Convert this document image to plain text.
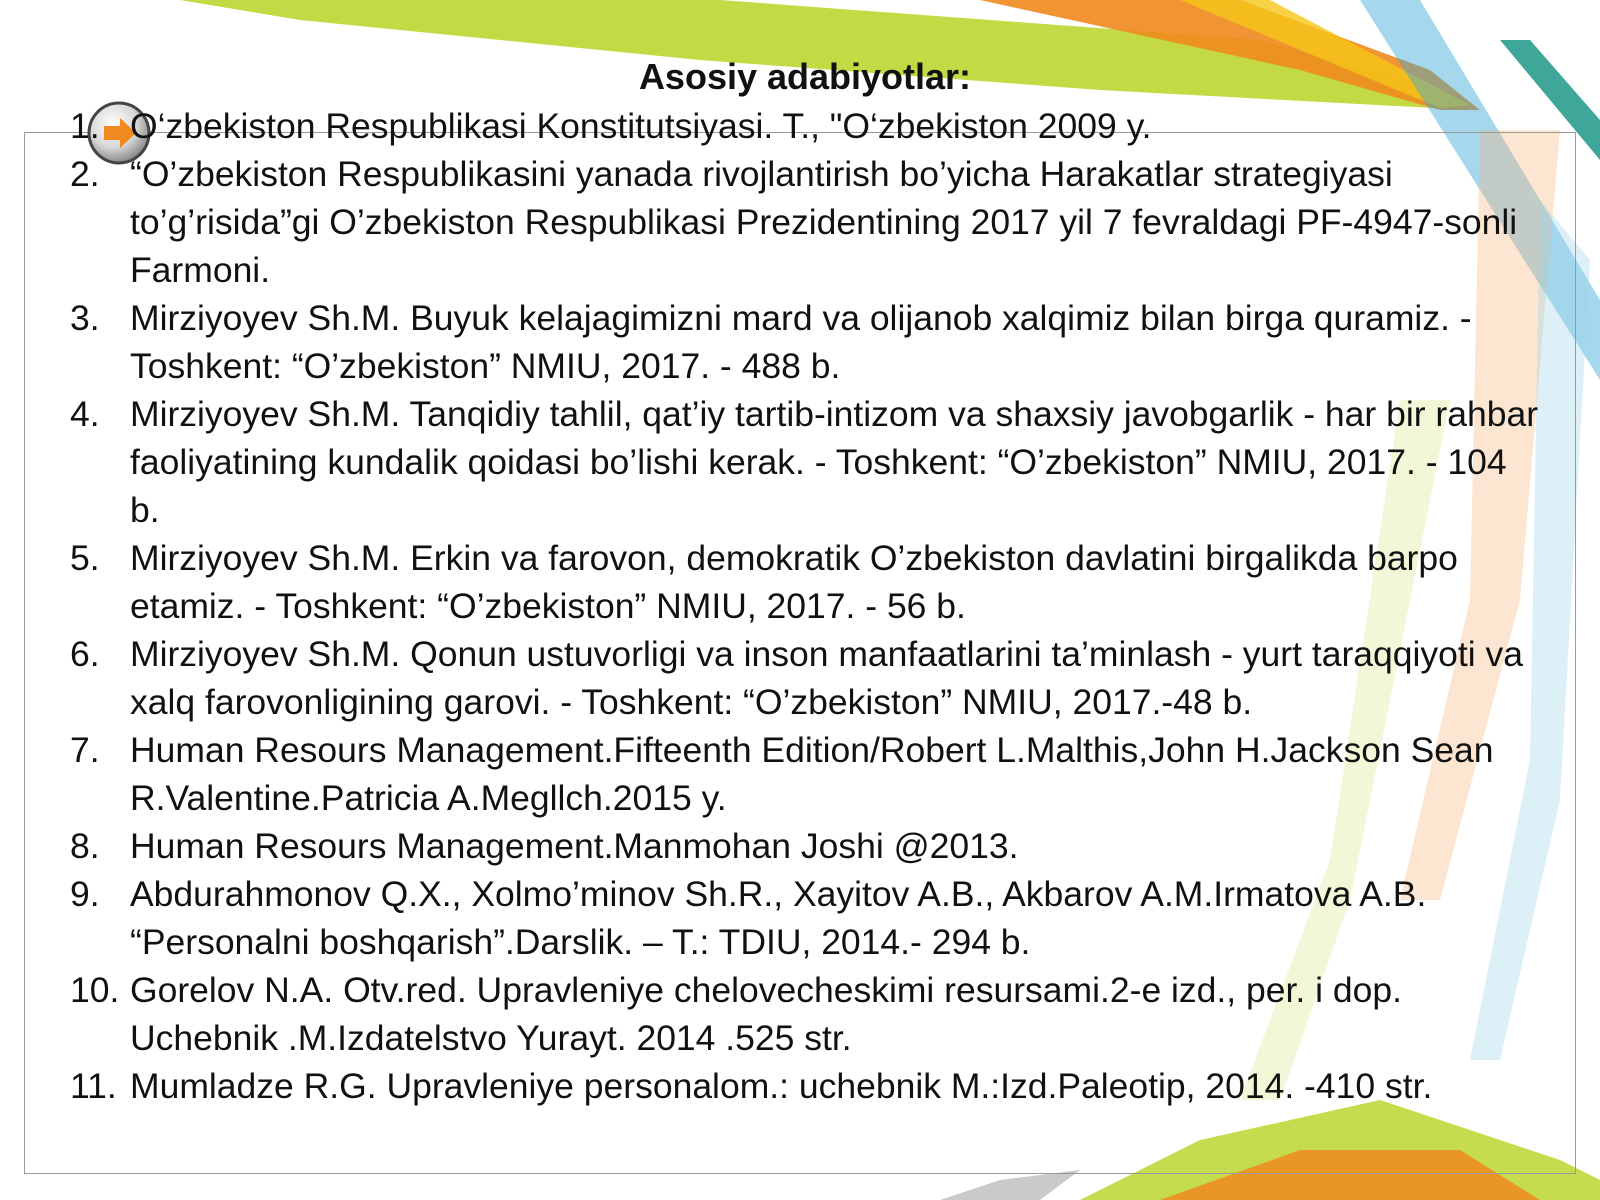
Asosiy adabiyotlar:
1. O‘zbekiston Respublikasi Konstitutsiyasi. T., "O‘zbekiston 2009 y.
2. “O’zbekiston Respublikasini yanada rivojlantirish bo’yicha Harakatlar strategiyasi to’g’risida”gi O’zbekiston Respublikasi Prezidentining 2017 yil 7 fevraldagi PF-4947-sonli Farmoni.
3. Mirziyoyev Sh.M. Buyuk kelajagimizni mard va olijanob xalqimiz bilan birga quramiz. - Toshkent: “O’zbekiston” NMIU, 2017. - 488 b.
4. Mirziyoyev Sh.M. Tanqidiy tahlil, qat’iy tartib-intizom va shaxsiy javobgarlik - har bir rahbar faoliyatining kundalik qoidasi bo’lishi kerak. - Toshkent: “O’zbekiston” NMIU, 2017. - 104 b.
5. Mirziyoyev Sh.M. Erkin va farovon, demokratik O’zbekiston davlatini birgalikda barpo etamiz. - Toshkent: “O’zbekiston” NMIU, 2017. - 56 b.
6. Mirziyoyev Sh.M. Qonun ustuvorligi va inson manfaatlarini ta’minlash - yurt taraqqiyoti va xalq farovonligining garovi. - Toshkent: “O’zbekiston” NMIU, 2017.-48 b.
7. Human Resours Management.Fifteenth Edition/Robert L.Malthis,John H.Jackson Sean R.Valentine.Patricia A.Megllch.2015 y.
8. Human Resours Management.Manmohan Joshi @2013.
9. Abdurahmonov Q.X., Xolmo’minov Sh.R., Xayitov A.B., Akbarov A.M.Irmatova A.B. “Personalni boshqarish”.Darslik. – T.: TDIU, 2014.- 294 b.
10. Gorelov N.A. Otv.red. Upravleniye chelovecheskimi resursami.2-e izd., per. i dop. Uchebnik .M.Izdatelstvo Yurayt. 2014 .525 str.
11. Mumladze R.G. Upravleniye personalom.: uchebnik M.:Izd.Paleotip, 2014. -410 str.
